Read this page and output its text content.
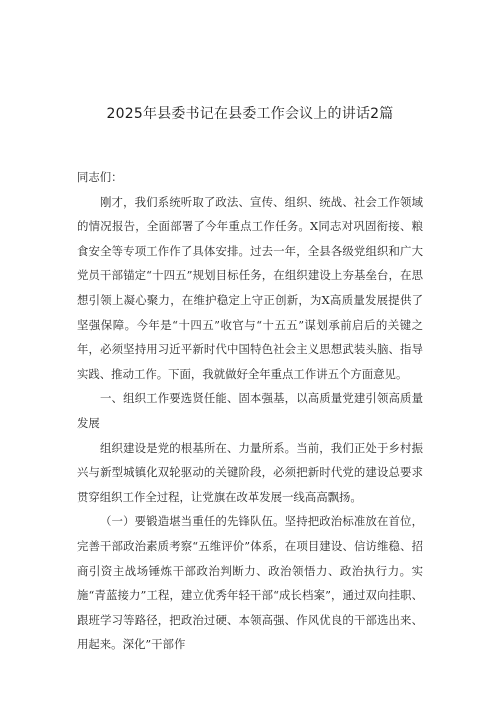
2025年县委书记在县委工作会议上的讲话2篇

同志们：

刚才，我们系统听取了政法、宣传、组织、统战、社会工作领域的情况报告，全面部署了今年重点工作任务。X同志对巩固衔接、粮食安全等专项工作作了具体安排。过去一年，全县各级党组织和广大党员干部锚定“十四五”规划目标任务，在组织建设上夯基垒台，在思想引领上凝心聚力，在维护稳定上守正创新，为X高质量发展提供了坚强保障。今年是“十四五”收官与“十五五”谋划承前启后的关键之年，必须坚持用习近平新时代中国特色社会主义思想武装头脑、指导实践、推动工作。下面，我就做好全年重点工作讲五个方面意见。

一、组织工作要选贤任能、固本强基，以高质量党建引领高质量发展

组织建设是党的根基所在、力量所系。当前，我们正处于乡村振兴与新型城镇化双轮驱动的关键阶段，必须把新时代党的建设总要求贯穿组织工作全过程，让党旗在改革发展一线高高飘扬。

（一）要锻造堪当重任的先锋队伍。坚持把政治标准放在首位，完善干部政治素质考察“五维评价”体系，在项目建设、信访维稳、招商引资主战场锤炼干部政治判断力、政治领悟力、政治执行力。实施“青蓝接力”工程，建立优秀年轻干部“成长档案”，通过双向挂职、跟班学习等路径，把政治过硬、本领高强、作风优良的干部选出来、用起来。深化”干部作
